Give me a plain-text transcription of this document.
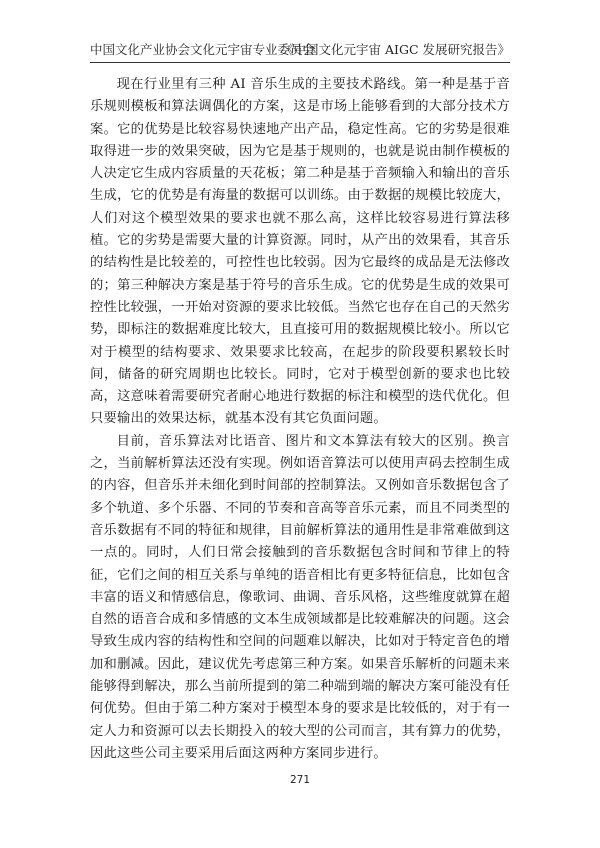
中国文化产业协会文化元宇宙专业委员会
《中国文化元宇宙 AIGC 发展研究报告》

现在行业里有三种 AI 音乐生成的主要技术路线。第一种是基于音乐规则模板和算法调偶化的方案，这是市场上能够看到的大部分技术方案。它的优势是比较容易快速地产出产品，稳定性高。它的劣势是很难取得进一步的效果突破，因为它是基于规则的，也就是说由制作模板的人决定它生成内容质量的天花板；第二种是基于音频输入和输出的音乐生成，它的优势是有海量的数据可以训练。由于数据的规模比较庞大，人们对这个模型效果的要求也就不那么高，这样比较容易进行算法移植。它的劣势是需要大量的计算资源。同时，从产出的效果看，其音乐的结构性是比较差的，可控性也比较弱。因为它最终的成品是无法修改的；第三种解决方案是基于符号的音乐生成。它的优势是生成的效果可控性比较强，一开始对资源的要求比较低。当然它也存在自己的天然劣势，即标注的数据难度比较大，且直接可用的数据规模比较小。所以它对于模型的结构要求、效果要求比较高，在起步的阶段要积累较长时间，储备的研究周期也比较长。同时，它对于模型创新的要求也比较高，这意味着需要研究者耐心地进行数据的标注和模型的迭代优化。但只要输出的效果达标，就基本没有其它负面问题。

目前，音乐算法对比语音、图片和文本算法有较大的区别。换言之，当前解析算法还没有实现。例如语音算法可以使用声码去控制生成的内容，但音乐并未细化到时间部的控制算法。又例如音乐数据包含了多个轨道、多个乐器、不同的节奏和音高等音乐元素，而且不同类型的音乐数据有不同的特征和规律，目前解析算法的通用性是非常难做到这一点的。同时，人们日常会接触到的音乐数据包含时间和节律上的特征，它们之间的相互关系与单纯的语音相比有更多特征信息，比如包含丰富的语义和情感信息，像歌词、曲调、音乐风格，这些维度就算在超自然的语音合成和多情感的文本生成领域都是比较难解决的问题。这会导致生成内容的结构性和空间的问题难以解决，比如对于特定音色的增加和删减。因此，建议优先考虑第三种方案。如果音乐解析的问题未来能够得到解决，那么当前所提到的第二种端到端的解决方案可能没有任何优势。但由于第二种方案对于模型本身的要求是比较低的，对于有一定人力和资源可以去长期投入的较大型的公司而言，其有算力的优势，因此这些公司主要采用后面这两种方案同步进行。

271
